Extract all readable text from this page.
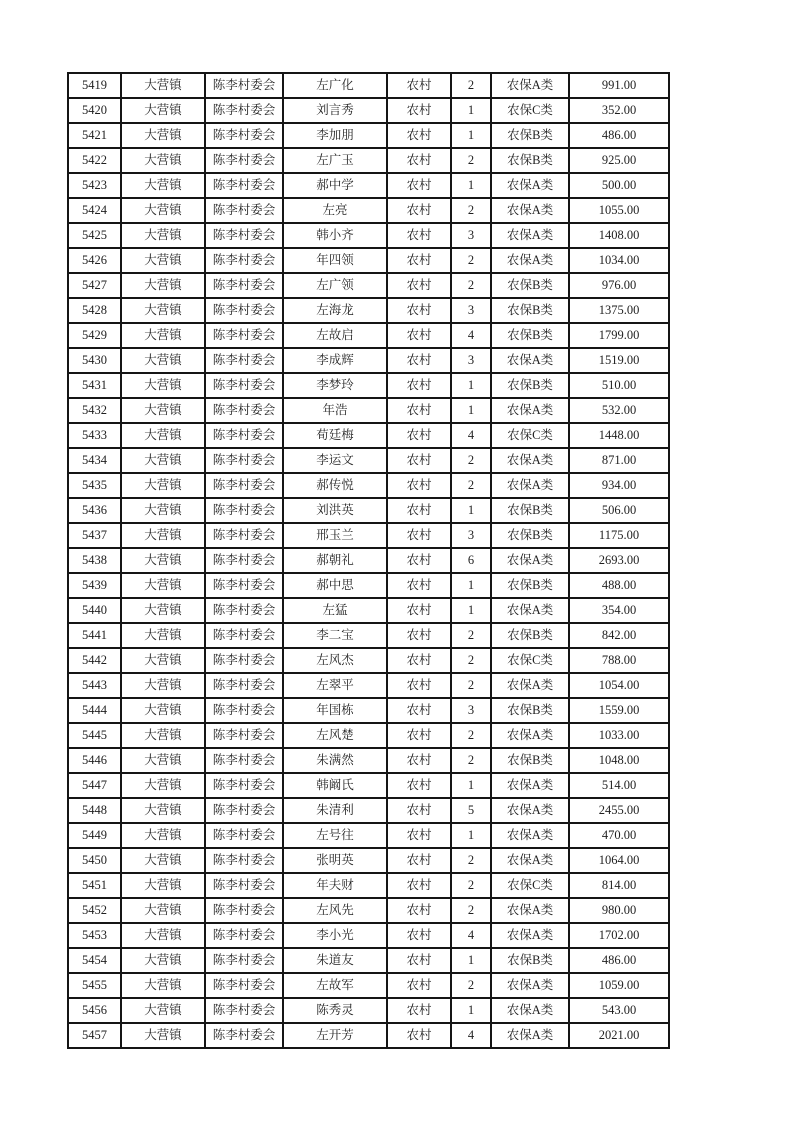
5419	大营镇	陈李村委会	左广化	农村	2	农保A类	991.00
5420	大营镇	陈李村委会	刘言秀	农村	1	农保C类	352.00
5421	大营镇	陈李村委会	李加朋	农村	1	农保B类	486.00
5422	大营镇	陈李村委会	左广玉	农村	2	农保B类	925.00
5423	大营镇	陈李村委会	郝中学	农村	1	农保A类	500.00
5424	大营镇	陈李村委会	左亮	农村	2	农保A类	1055.00
5425	大营镇	陈李村委会	韩小齐	农村	3	农保A类	1408.00
5426	大营镇	陈李村委会	年四领	农村	2	农保A类	1034.00
5427	大营镇	陈李村委会	左广领	农村	2	农保B类	976.00
5428	大营镇	陈李村委会	左海龙	农村	3	农保B类	1375.00
5429	大营镇	陈李村委会	左故启	农村	4	农保B类	1799.00
5430	大营镇	陈李村委会	李成辉	农村	3	农保A类	1519.00
5431	大营镇	陈李村委会	李梦玲	农村	1	农保B类	510.00
5432	大营镇	陈李村委会	年浩	农村	1	农保A类	532.00
5433	大营镇	陈李村委会	荀廷梅	农村	4	农保C类	1448.00
5434	大营镇	陈李村委会	李运文	农村	2	农保A类	871.00
5435	大营镇	陈李村委会	郝传悦	农村	2	农保A类	934.00
5436	大营镇	陈李村委会	刘洪英	农村	1	农保B类	506.00
5437	大营镇	陈李村委会	邢玉兰	农村	3	农保B类	1175.00
5438	大营镇	陈李村委会	郝朝礼	农村	6	农保A类	2693.00
5439	大营镇	陈李村委会	郝中思	农村	1	农保B类	488.00
5440	大营镇	陈李村委会	左猛	农村	1	农保A类	354.00
5441	大营镇	陈李村委会	李二宝	农村	2	农保B类	842.00
5442	大营镇	陈李村委会	左风杰	农村	2	农保C类	788.00
5443	大营镇	陈李村委会	左翠平	农村	2	农保A类	1054.00
5444	大营镇	陈李村委会	年国栋	农村	3	农保B类	1559.00
5445	大营镇	陈李村委会	左风楚	农村	2	农保A类	1033.00
5446	大营镇	陈李村委会	朱满然	农村	2	农保B类	1048.00
5447	大营镇	陈李村委会	韩阚氏	农村	1	农保A类	514.00
5448	大营镇	陈李村委会	朱清利	农村	5	农保A类	2455.00
5449	大营镇	陈李村委会	左号往	农村	1	农保A类	470.00
5450	大营镇	陈李村委会	张明英	农村	2	农保A类	1064.00
5451	大营镇	陈李村委会	年夫财	农村	2	农保C类	814.00
5452	大营镇	陈李村委会	左风先	农村	2	农保A类	980.00
5453	大营镇	陈李村委会	李小光	农村	4	农保A类	1702.00
5454	大营镇	陈李村委会	朱道友	农村	1	农保B类	486.00
5455	大营镇	陈李村委会	左故军	农村	2	农保A类	1059.00
5456	大营镇	陈李村委会	陈秀灵	农村	1	农保A类	543.00
5457	大营镇	陈李村委会	左开芳	农村	4	农保A类	2021.00
